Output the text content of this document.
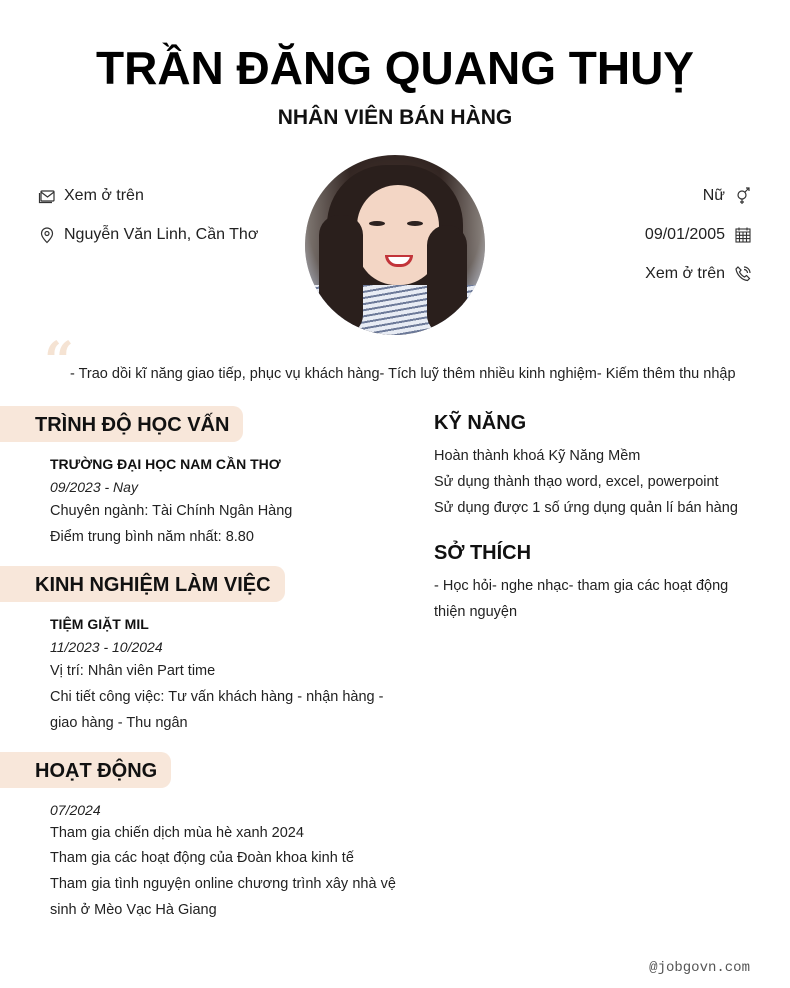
TRẦN ĐĂNG QUANG THUỴ
NHÂN VIÊN BÁN HÀNG
Xem ở trên
Nguyễn Văn Linh, Cần Thơ
Nữ
09/01/2005
Xem ở trên
“
- Trao dồi kĩ năng giao tiếp, phục vụ khách hàng- Tích luỹ thêm nhiều kinh nghiệm- Kiếm thêm thu nhập
TRÌNH ĐỘ HỌC VẤN
TRƯỜNG ĐẠI HỌC NAM CẦN THƠ
09/2023 - Nay
Chuyên ngành: Tài Chính Ngân Hàng
Điểm trung bình năm nhất: 8.80
KINH NGHIỆM LÀM VIỆC
TIỆM GIẶT MIL
11/2023 - 10/2024
Vị trí: Nhân viên Part time
Chi tiết công việc: Tư vấn khách hàng - nhận hàng - giao hàng - Thu ngân
HOẠT ĐỘNG
07/2024
Tham gia chiến dịch mùa hè xanh 2024
Tham gia các hoạt động của Đoàn khoa kinh tế
Tham gia tình nguyện online chương trình xây nhà vệ sinh ở Mèo Vạc Hà Giang
KỸ NĂNG
Hoàn thành khoá Kỹ Năng Mềm
Sử dụng thành thạo word, excel, powerpoint
Sử dụng được 1 số ứng dụng quản lí bán hàng
SỞ THÍCH
- Học hỏi- nghe nhạc- tham gia các hoạt động thiện nguyện
@jobgovn.com
